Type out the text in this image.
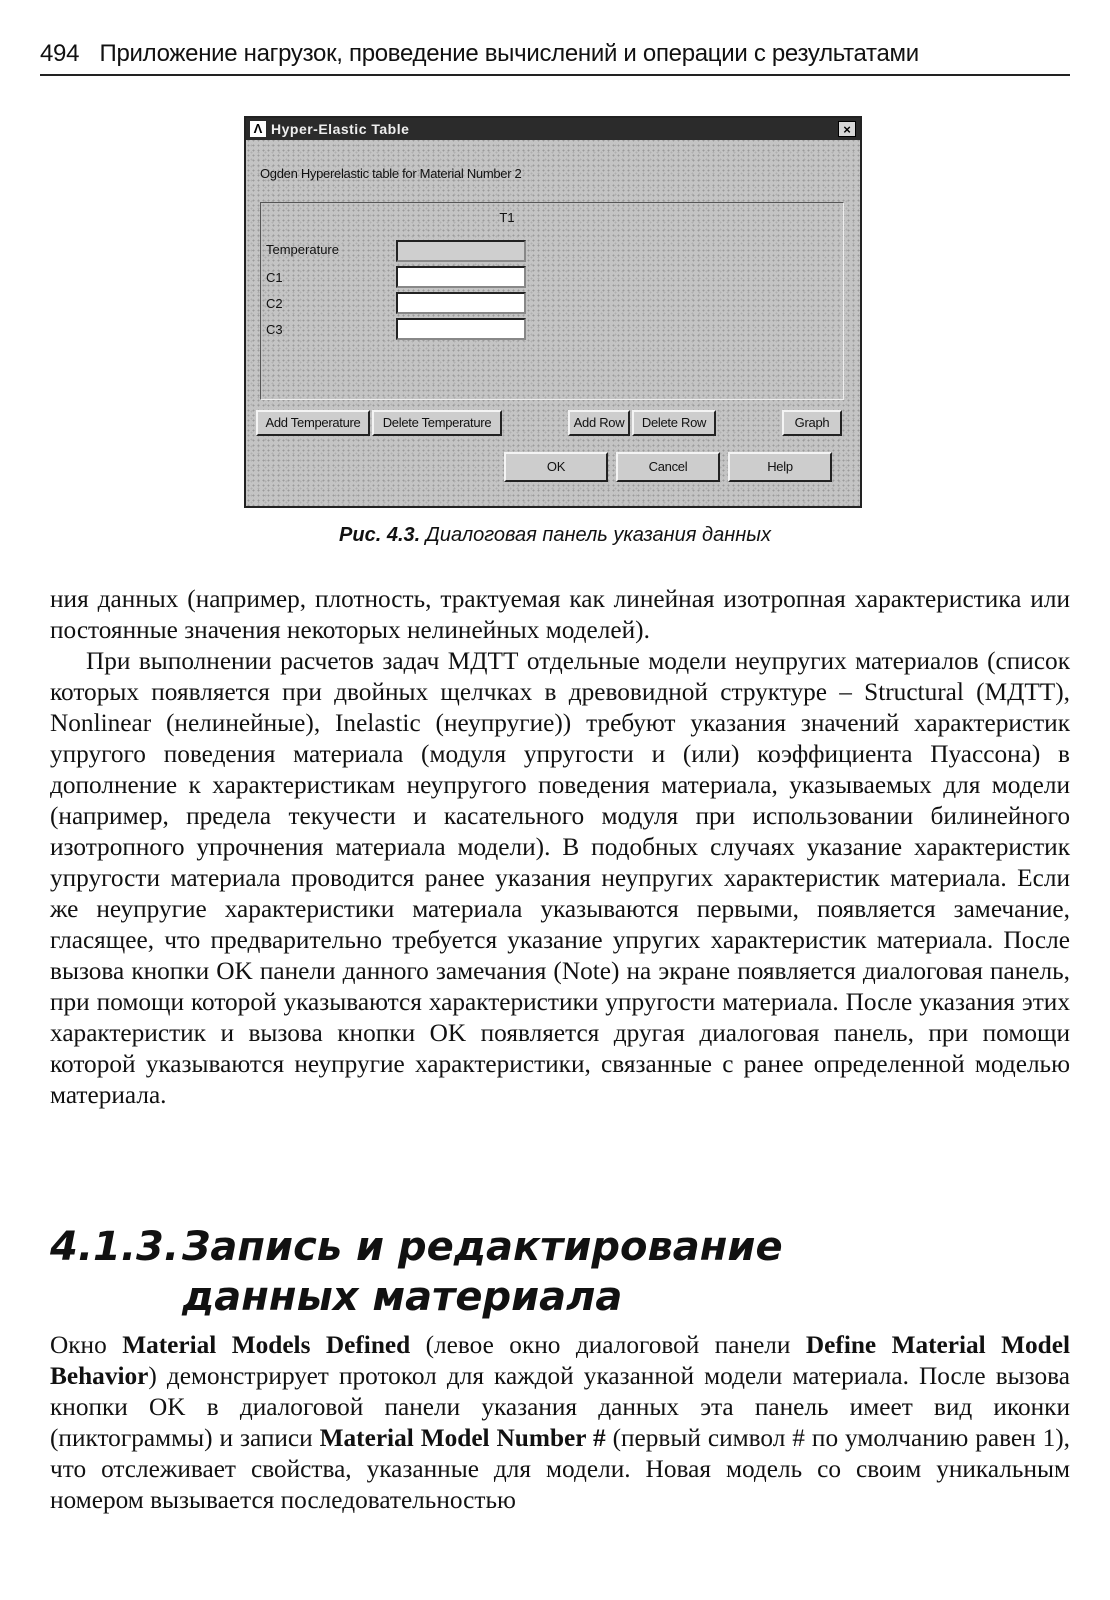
494 Приложение нагрузок, проведение вычислений и операции с результатами
Λ Hyper-Elastic Table	×
Ogden Hyperelastic table for Material Number 2
T1
Temperature
C1
C2
C3
Add Temperature	Delete Temperature	Add Row	Delete Row	Graph
OK	Cancel	Help
Рис. 4.3. Диалоговая панель указания данных

ния данных (например, плотность, трактуемая как линейная изотропная характеристика или постоянные значения некоторых нелинейных моделей).

При выполнении расчетов задач МДТТ отдельные модели неупругих материалов (список которых появляется при двойных щелчках в древовидной структуре – Structural (МДТТ), Nonlinear (нелинейные), Inelastic (неупругие)) требуют указания значений характеристик упругого поведения материала (модуля упругости и (или) коэффициента Пуассона) в дополнение к характеристикам неупругого поведения материала, указываемых для модели (например, предела текучести и касательного модуля при использовании билинейного изотропного упрочнения материала модели). В подобных случаях указание характеристик упругости материала проводится ранее указания неупругих характеристик материала. Если же неупругие характеристики материала указываются первыми, появляется замечание, гласящее, что предварительно требуется указание упругих характеристик материала. После вызова кнопки OK панели данного замечания (Note) на экране появляется диалоговая панель, при помощи которой указываются характеристики упругости материала. После указания этих характеристик и вызова кнопки OK появляется другая диалоговая панель, при помощи которой указываются неупругие характеристики, связанные с ранее определенной моделью материала.

4.1.3.Запись и редактирование
данных материала

Окно Material Models Defined (левое окно диалоговой панели Define Material Model Behavior) демонстрирует протокол для каждой указанной модели материала. После вызова кнопки OK в диалоговой панели указания данных эта панель имеет вид иконки (пиктограммы) и записи Material Model Number # (первый символ # по умолчанию равен 1), что отслеживает свойства, указанные для модели. Новая модель со своим уникальным номером вызывается последовательностью
